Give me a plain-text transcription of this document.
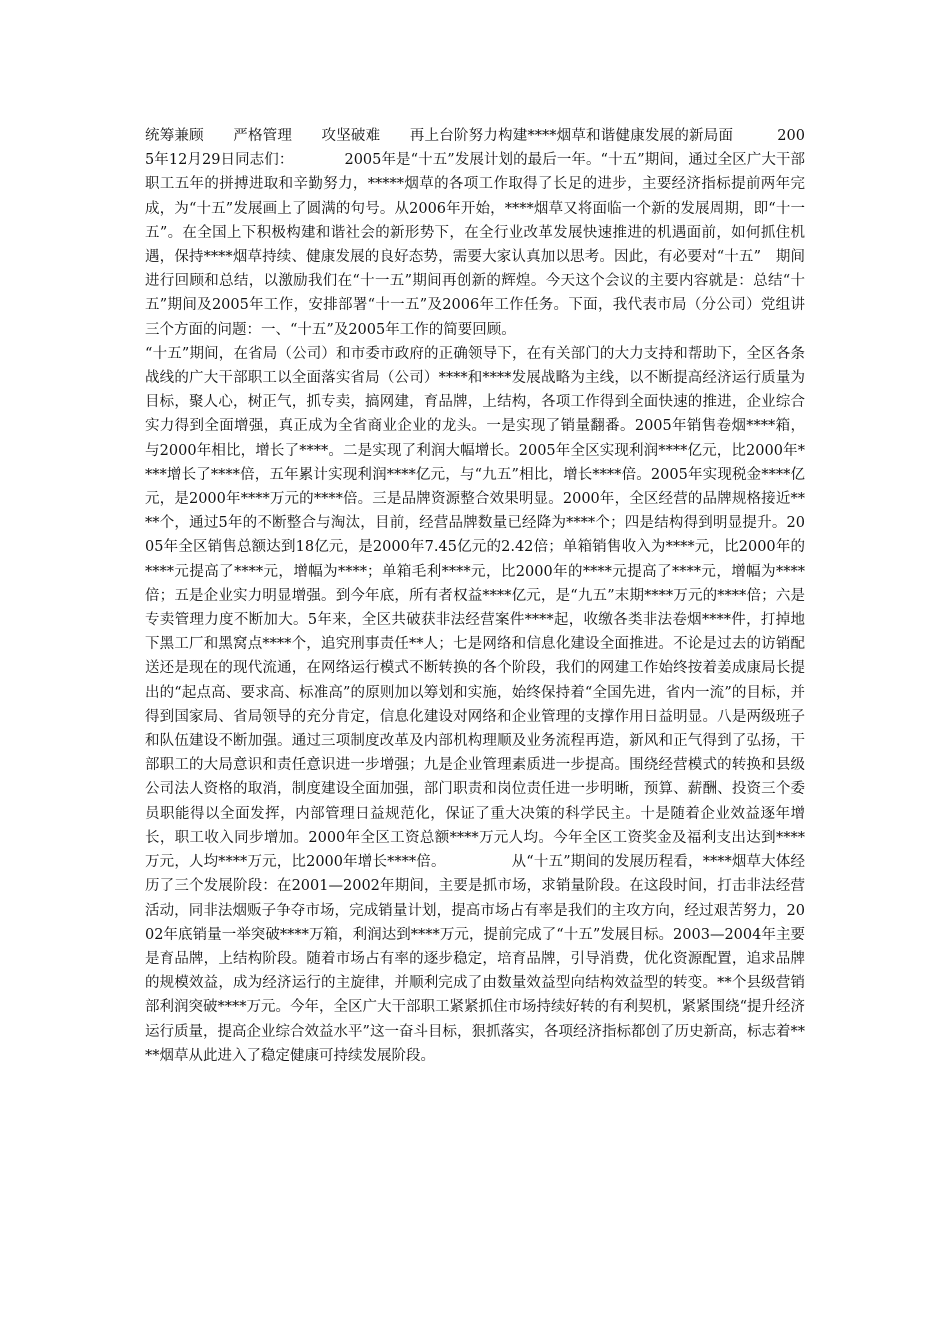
统筹兼顾　　严格管理　　攻坚破难　　再上台阶努力构建****烟草和谐健康发展的新局面　　　2005年12月29日同志们：　　　　2005年是“十五”发展计划的最后一年。“十五”期间，通过全区广大干部职工五年的拼搏进取和辛勤努力，*****烟草的各项工作取得了长足的进步，主要经济指标提前两年完成，为“十五”发展画上了圆满的句号。从2006年开始，****烟草又将面临一个新的发展周期，即“十一五”。在全国上下积极构建和谐社会的新形势下，在全行业改革发展快速推进的机遇面前，如何抓住机遇，保持****烟草持续、健康发展的良好态势，需要大家认真加以思考。因此，有必要对“十五”　期间进行回顾和总结，以激励我们在“十一五”期间再创新的辉煌。今天这个会议的主要内容就是：总结“十五”期间及2005年工作，安排部署“十一五”及2006年工作任务。下面，我代表市局（分公司）党组讲三个方面的问题：一、“十五”及2005年工作的简要回顾。

“十五”期间，在省局（公司）和市委市政府的正确领导下，在有关部门的大力支持和帮助下，全区各条战线的广大干部职工以全面落实省局（公司）****和****发展战略为主线，以不断提高经济运行质量为目标，聚人心，树正气，抓专卖，搞网建，育品牌，上结构，各项工作得到全面快速的推进，企业综合实力得到全面增强，真正成为全省商业企业的龙头。一是实现了销量翻番。2005年销售卷烟****箱，与2000年相比，增长了****。二是实现了利润大幅增长。2005年全区实现利润****亿元，比2000年****增长了****倍，五年累计实现利润****亿元，与“九五”相比，增长****倍。2005年实现税金****亿元，是2000年****万元的****倍。三是品牌资源整合效果明显。2000年，全区经营的品牌规格接近****个，通过5年的不断整合与淘汰，目前，经营品牌数量已经降为****个；四是结构得到明显提升。2005年全区销售总额达到18亿元，是2000年7.45亿元的2.42倍；单箱销售收入为****元，比2000年的****元提高了****元，增幅为****；单箱毛利****元，比2000年的****元提高了****元，增幅为****倍；五是企业实力明显增强。到今年底，所有者权益****亿元，是“九五”末期****万元的****倍；六是专卖管理力度不断加大。5年来，全区共破获非法经营案件****起，收缴各类非法卷烟****件，打掉地下黑工厂和黑窝点****个，追究刑事责任**人；七是网络和信息化建设全面推进。不论是过去的访销配送还是现在的现代流通，在网络运行模式不断转换的各个阶段，我们的网建工作始终按着姜成康局长提出的“起点高、要求高、标准高”的原则加以筹划和实施，始终保持着“全国先进，省内一流”的目标，并得到国家局、省局领导的充分肯定，信息化建设对网络和企业管理的支撑作用日益明显。八是两级班子和队伍建设不断加强。通过三项制度改革及内部机构理顺及业务流程再造，新风和正气得到了弘扬，干部职工的大局意识和责任意识进一步增强；九是企业管理素质进一步提高。围绕经营模式的转换和县级公司法人资格的取消，制度建设全面加强，部门职责和岗位责任进一步明晰，预算、薪酬、投资三个委员职能得以全面发挥，内部管理日益规范化，保证了重大决策的科学民主。十是随着企业效益逐年增长，职工收入同步增加。2000年全区工资总额****万元人均。今年全区工资奖金及福利支出达到****万元，人均****万元，比2000年增长****倍。　　　　　从“十五”期间的发展历程看，****烟草大体经历了三个发展阶段：在2001—2002年期间，主要是抓市场，求销量阶段。在这段时间，打击非法经营活动，同非法烟贩子争夺市场，完成销量计划，提高市场占有率是我们的主攻方向，经过艰苦努力，2002年底销量一举突破****万箱，利润达到****万元，提前完成了“十五”发展目标。2003—2004年主要是育品牌，上结构阶段。随着市场占有率的逐步稳定，培育品牌，引导消费，优化资源配置，追求品牌的规模效益，成为经济运行的主旋律，并顺利完成了由数量效益型向结构效益型的转变。**个县级营销部利润突破****万元。今年，全区广大干部职工紧紧抓住市场持续好转的有利契机，紧紧围绕“提升经济运行质量，提高企业综合效益水平”这一奋斗目标，狠抓落实，各项经济指标都创了历史新高，标志着****烟草从此进入了稳定健康可持续发展阶段。
